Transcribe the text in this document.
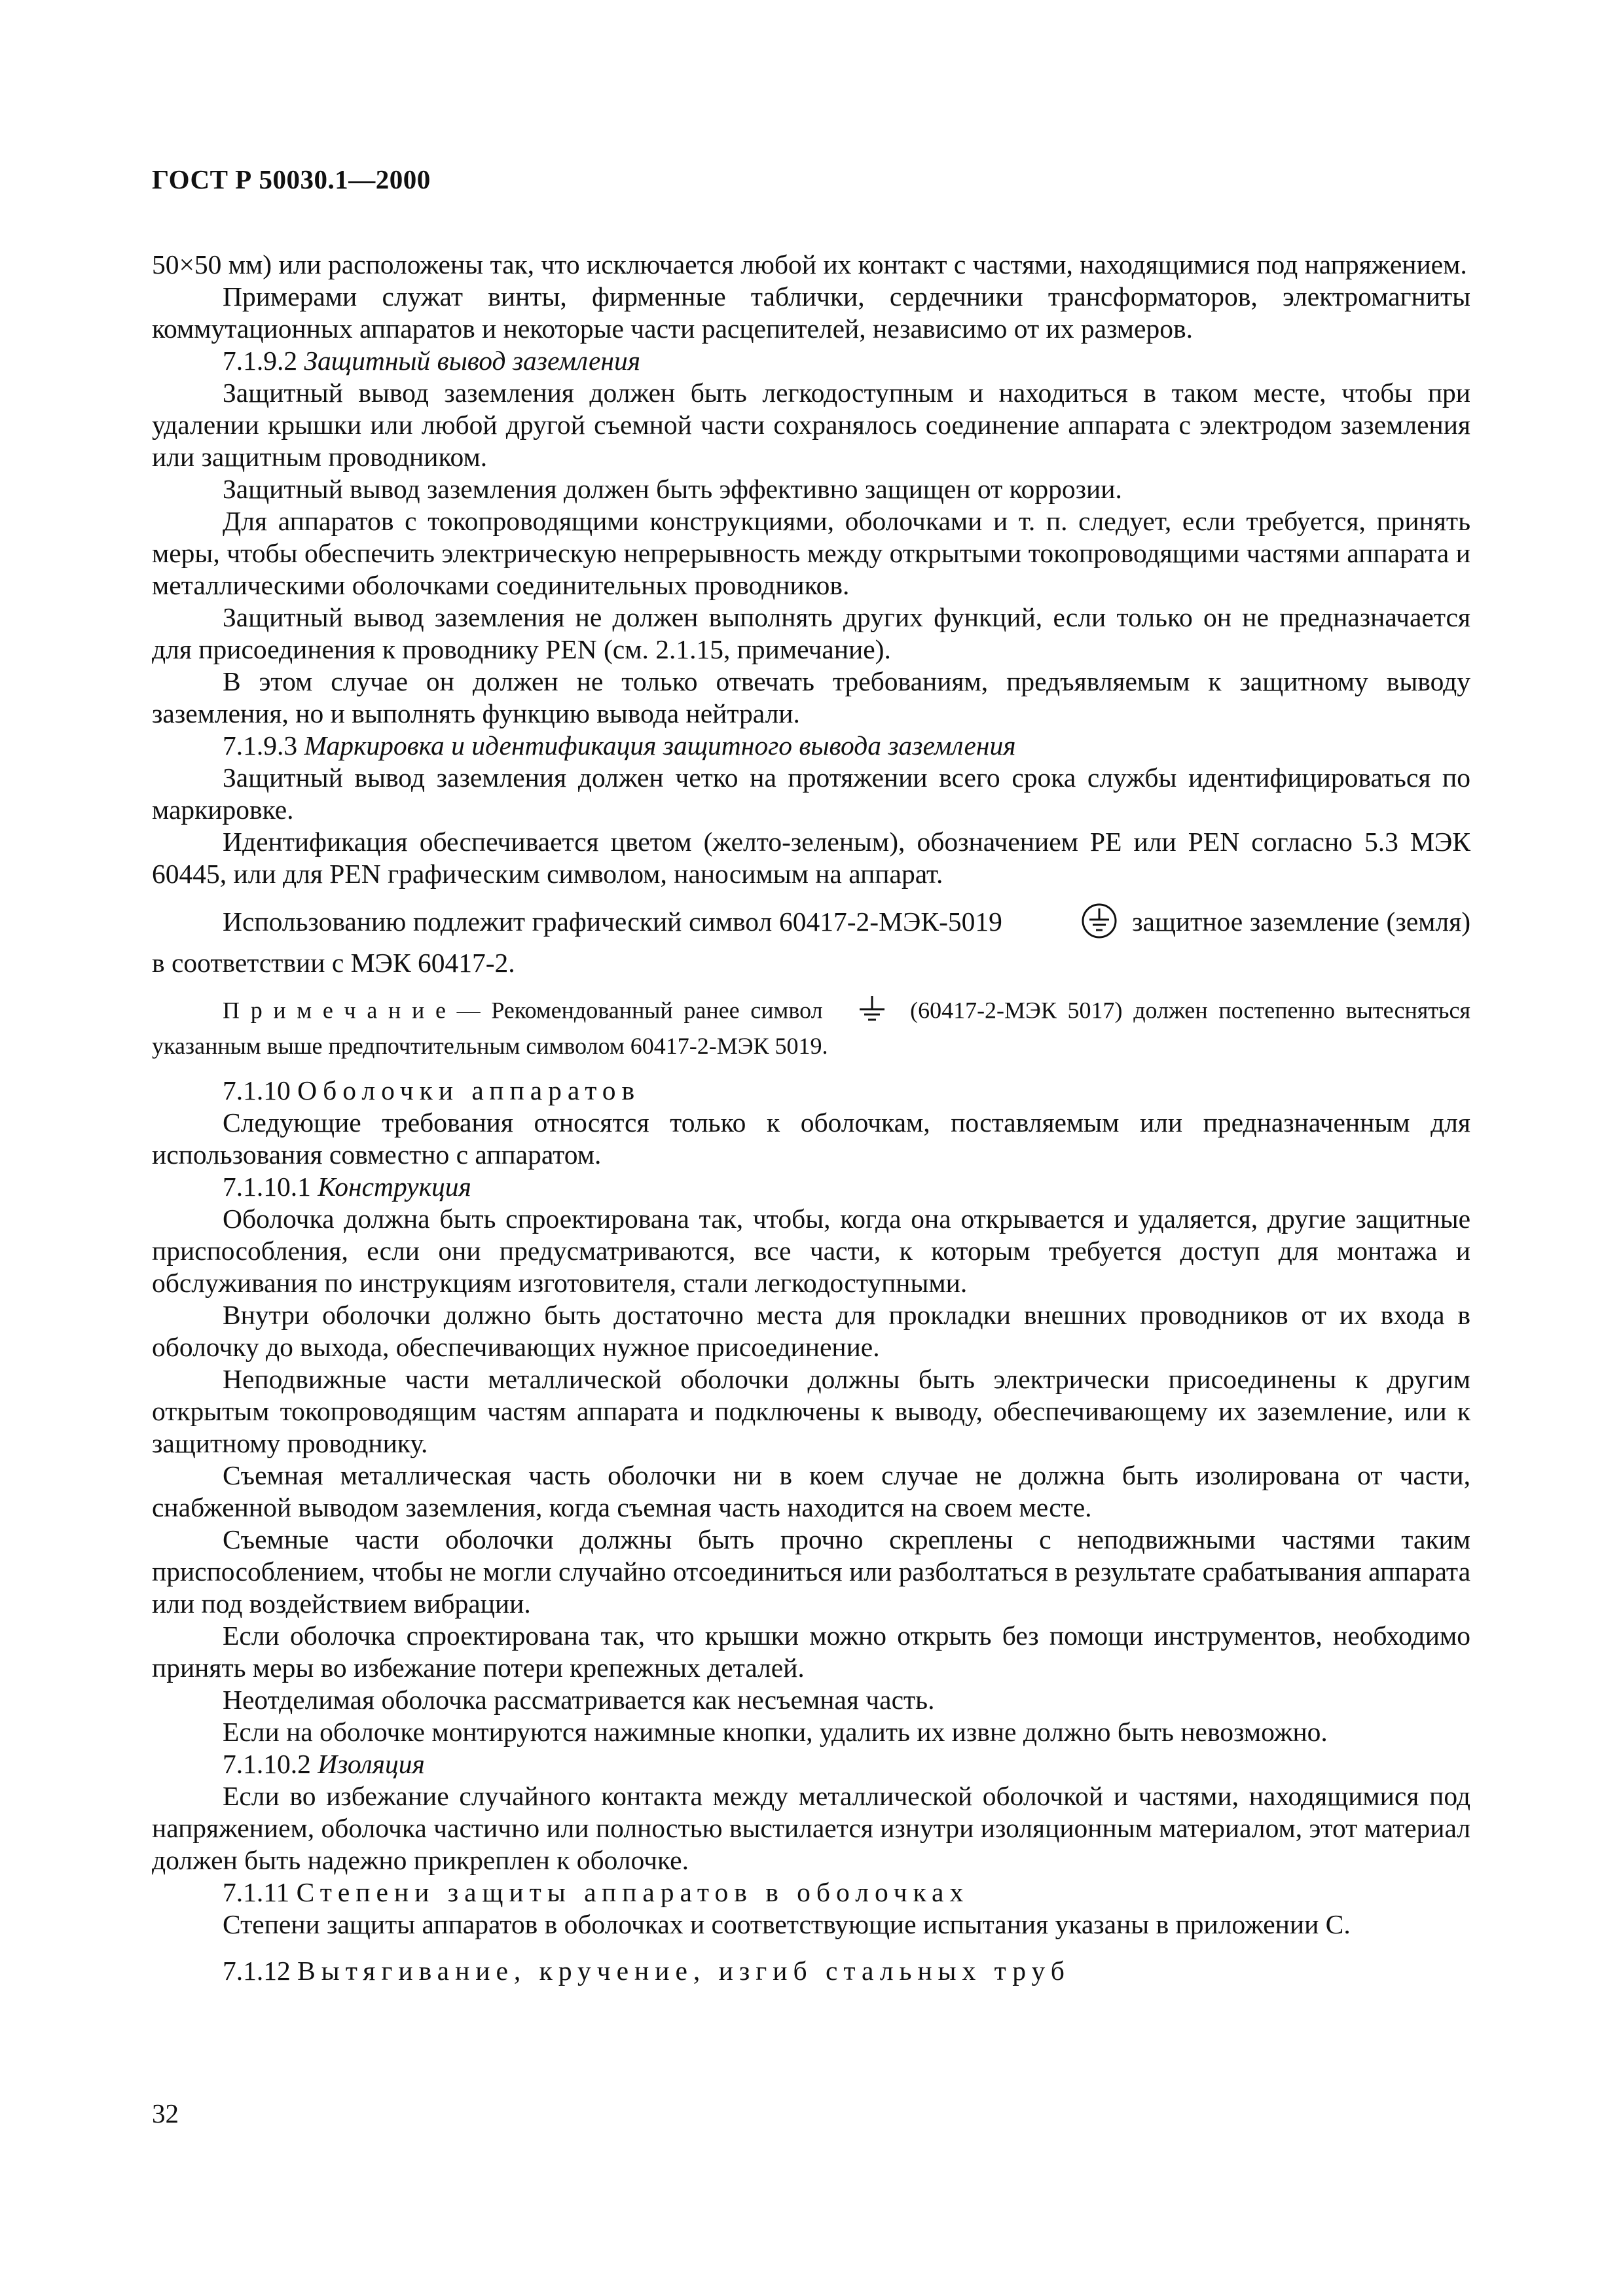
ГОСТ Р 50030.1—2000

50×50 мм) или расположены так, что исключается любой их контакт с частями, находящимися под напряжением.

Примерами служат винты, фирменные таблички, сердечники трансформаторов, электромагниты коммутационных аппаратов и некоторые части расцепителей, независимо от их размеров.

7.1.9.2 Защитный вывод заземления

Защитный вывод заземления должен быть легкодоступным и находиться в таком месте, чтобы при удалении крышки или любой другой съемной части сохранялось соединение аппарата с электродом заземления или защитным проводником.

Защитный вывод заземления должен быть эффективно защищен от коррозии.

Для аппаратов с токопроводящими конструкциями, оболочками и т. п. следует, если требуется, принять меры, чтобы обеспечить электрическую непрерывность между открытыми токопроводящими частями аппарата и металлическими оболочками соединительных проводников.

Защитный вывод заземления не должен выполнять других функций, если только он не предназначается для присоединения к проводнику PEN (см. 2.1.15, примечание).

В этом случае он должен не только отвечать требованиям, предъявляемым к защитному выводу заземления, но и выполнять функцию вывода нейтрали.

7.1.9.3 Маркировка и идентификация защитного вывода заземления

Защитный вывод заземления должен четко на протяжении всего срока службы идентифицироваться по маркировке.

Идентификация обеспечивается цветом (желто-зеленым), обозначением PE или PEN согласно 5.3 МЭК 60445, или для PEN графическим символом, наносимым на аппарат.

Использованию подлежит графический символ 60417-2-МЭК-5019	защитное заземление (земля) в соответствии с МЭК 60417-2.

П р и м е ч а н и е — Рекомендованный ранее символ	(60417-2-МЭК 5017) должен постепенно вытесняться указанным выше предпочтительным символом 60417-2-МЭК 5019.

7.1.10 Оболочки аппаратов

Следующие требования относятся только к оболочкам, поставляемым или предназначенным для использования совместно с аппаратом.

7.1.10.1 Конструкция

Оболочка должна быть спроектирована так, чтобы, когда она открывается и удаляется, другие защитные приспособления, если они предусматриваются, все части, к которым требуется доступ для монтажа и обслуживания по инструкциям изготовителя, стали легкодоступными.

Внутри оболочки должно быть достаточно места для прокладки внешних проводников от их входа в оболочку до выхода, обеспечивающих нужное присоединение.

Неподвижные части металлической оболочки должны быть электрически присоединены к другим открытым токопроводящим частям аппарата и подключены к выводу, обеспечивающему их заземление, или к защитному проводнику.

Съемная металлическая часть оболочки ни в коем случае не должна быть изолирована от части, снабженной выводом заземления, когда съемная часть находится на своем месте.

Съемные части оболочки должны быть прочно скреплены с неподвижными частями таким приспособлением, чтобы не могли случайно отсоединиться или разболтаться в результате срабатывания аппарата или под воздействием вибрации.

Если оболочка спроектирована так, что крышки можно открыть без помощи инструментов, необходимо принять меры во избежание потери крепежных деталей.

Неотделимая оболочка рассматривается как несъемная часть.

Если на оболочке монтируются нажимные кнопки, удалить их извне должно быть невозможно.

7.1.10.2 Изоляция

Если во избежание случайного контакта между металлической оболочкой и частями, находящимися под напряжением, оболочка частично или полностью выстилается изнутри изоляционным материалом, этот материал должен быть надежно прикреплен к оболочке.

7.1.11 Степени защиты аппаратов в оболочках

Степени защиты аппаратов в оболочках и соответствующие испытания указаны в приложении С.

7.1.12 Вытягивание, кручение, изгиб стальных труб

32
